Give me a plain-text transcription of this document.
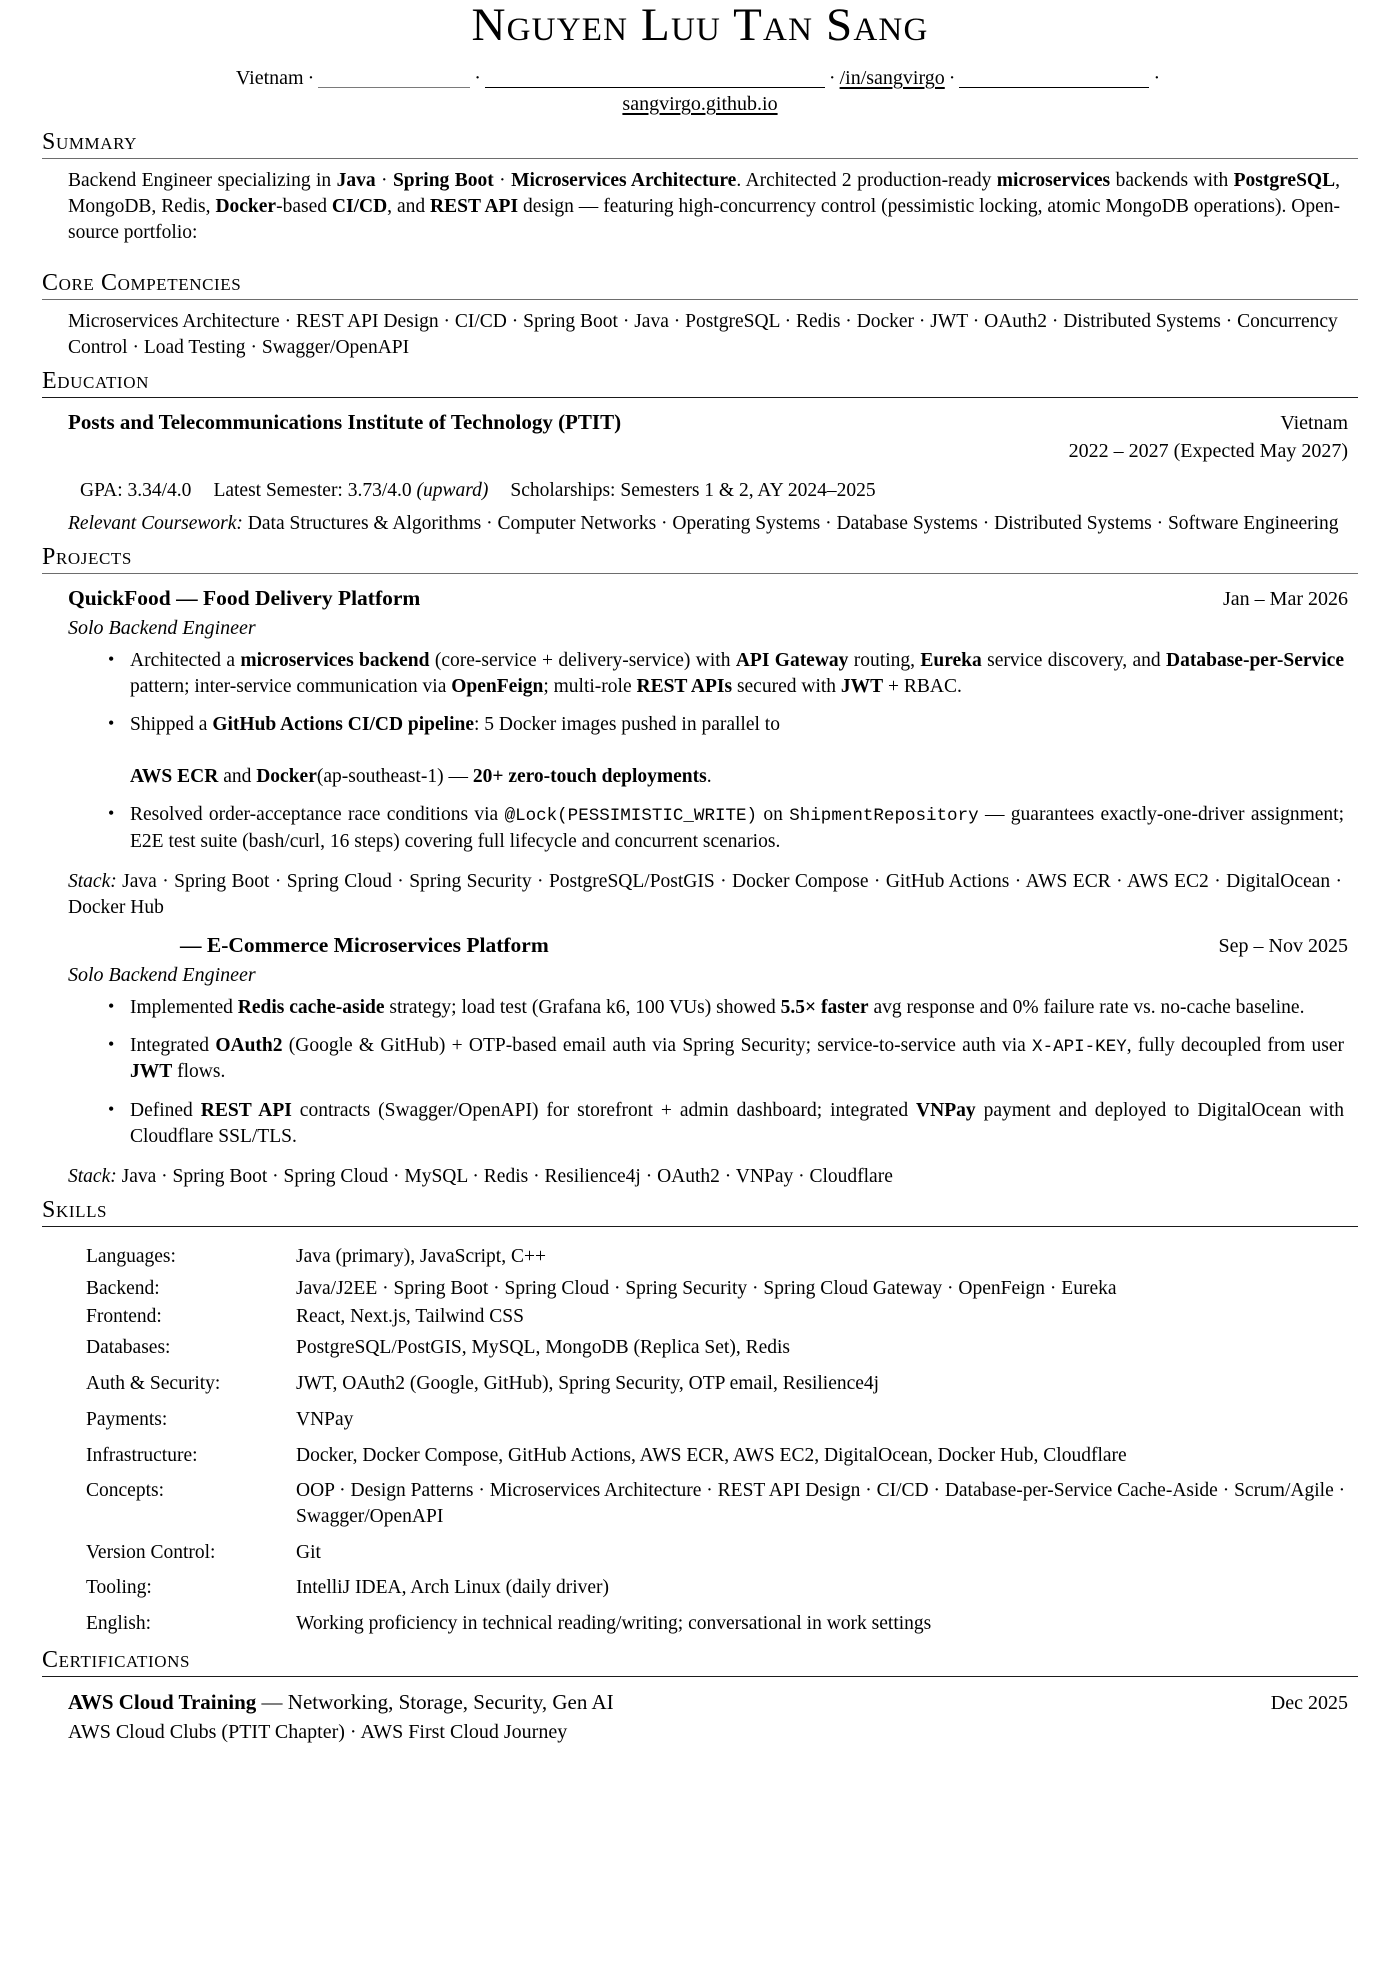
Nguyen Luu Tan Sang
Vietnam ·	·	· /in/sangvirgo ·	·
sangvirgo.github.io
Summary
Backend Engineer specializing in Java · Spring Boot · Microservices Architecture. Architected 2 production-ready microservices backends with PostgreSQL, MongoDB, Redis, Docker-based CI/CD, and REST API design — featuring high-concurrency control (pessimistic locking, atomic MongoDB operations). Open-source portfolio:
Core Competencies
Microservices Architecture · REST API Design · CI/CD · Spring Boot · Java · PostgreSQL · Redis · Docker · JWT · OAuth2 · Distributed Systems · Concurrency Control · Load Testing · Swagger/OpenAPI
Education
Posts and Telecommunications Institute of Technology (PTIT)	Vietnam
2022 – 2027 (Expected May 2027)
GPA: 3.34/4.0 Latest Semester: 3.73/4.0 (upward) Scholarships: Semesters 1 & 2, AY 2024–2025
Relevant Coursework: Data Structures & Algorithms · Computer Networks · Operating Systems · Database Systems · Distributed Systems · Software Engineering
Projects
QuickFood — Food Delivery Platform	Jan – Mar 2026
Solo Backend Engineer
• Architected a microservices backend (core-service + delivery-service) with API Gateway routing, Eureka service discovery, and Database-per-Service pattern; inter-service communication via OpenFeign; multi-role REST APIs secured with JWT + RBAC.
• Shipped a GitHub Actions CI/CD pipeline: 5 Docker images pushed in parallel to
AWS ECR and Docker(ap-southeast-1) — 20+ zero-touch deployments.
• Resolved order-acceptance race conditions via @Lock(PESSIMISTIC_WRITE) on ShipmentRepository — guarantees exactly-one-driver assignment; E2E test suite (bash/curl, 16 steps) covering full lifecycle and concurrent scenarios.
Stack: Java · Spring Boot · Spring Cloud · Spring Security · PostgreSQL/PostGIS · Docker Compose · GitHub Actions · AWS ECR · AWS EC2 · DigitalOcean · Docker Hub
— E-Commerce Microservices Platform	Sep – Nov 2025
Solo Backend Engineer
• Implemented Redis cache-aside strategy; load test (Grafana k6, 100 VUs) showed 5.5× faster avg response and 0% failure rate vs. no-cache baseline.
• Integrated OAuth2 (Google & GitHub) + OTP-based email auth via Spring Security; service-to-service auth via X-API-KEY, fully decoupled from user JWT flows.
• Defined REST API contracts (Swagger/OpenAPI) for storefront + admin dashboard; integrated VNPay payment and deployed to DigitalOcean with Cloudflare SSL/TLS.
Stack: Java · Spring Boot · Spring Cloud · MySQL · Redis · Resilience4j · OAuth2 · VNPay · Cloudflare
Skills
Languages:	Java (primary), JavaScript, C++
Backend:	Java/J2EE · Spring Boot · Spring Cloud · Spring Security · Spring Cloud Gateway · OpenFeign · Eureka
Frontend:	React, Next.js, Tailwind CSS
Databases:	PostgreSQL/PostGIS, MySQL, MongoDB (Replica Set), Redis
Auth & Security:	JWT, OAuth2 (Google, GitHub), Spring Security, OTP email, Resilience4j
Payments:	VNPay
Infrastructure:	Docker, Docker Compose, GitHub Actions, AWS ECR, AWS EC2, DigitalOcean, Docker Hub, Cloudflare
Concepts:	OOP · Design Patterns · Microservices Architecture · REST API Design · CI/CD · Database-per-Service Cache-Aside · Scrum/Agile · Swagger/OpenAPI
Version Control:	Git
Tooling:	IntelliJ IDEA, Arch Linux (daily driver)
English:	Working proficiency in technical reading/writing; conversational in work settings
Certifications
AWS Cloud Training — Networking, Storage, Security, Gen AI	Dec 2025
AWS Cloud Clubs (PTIT Chapter) · AWS First Cloud Journey
